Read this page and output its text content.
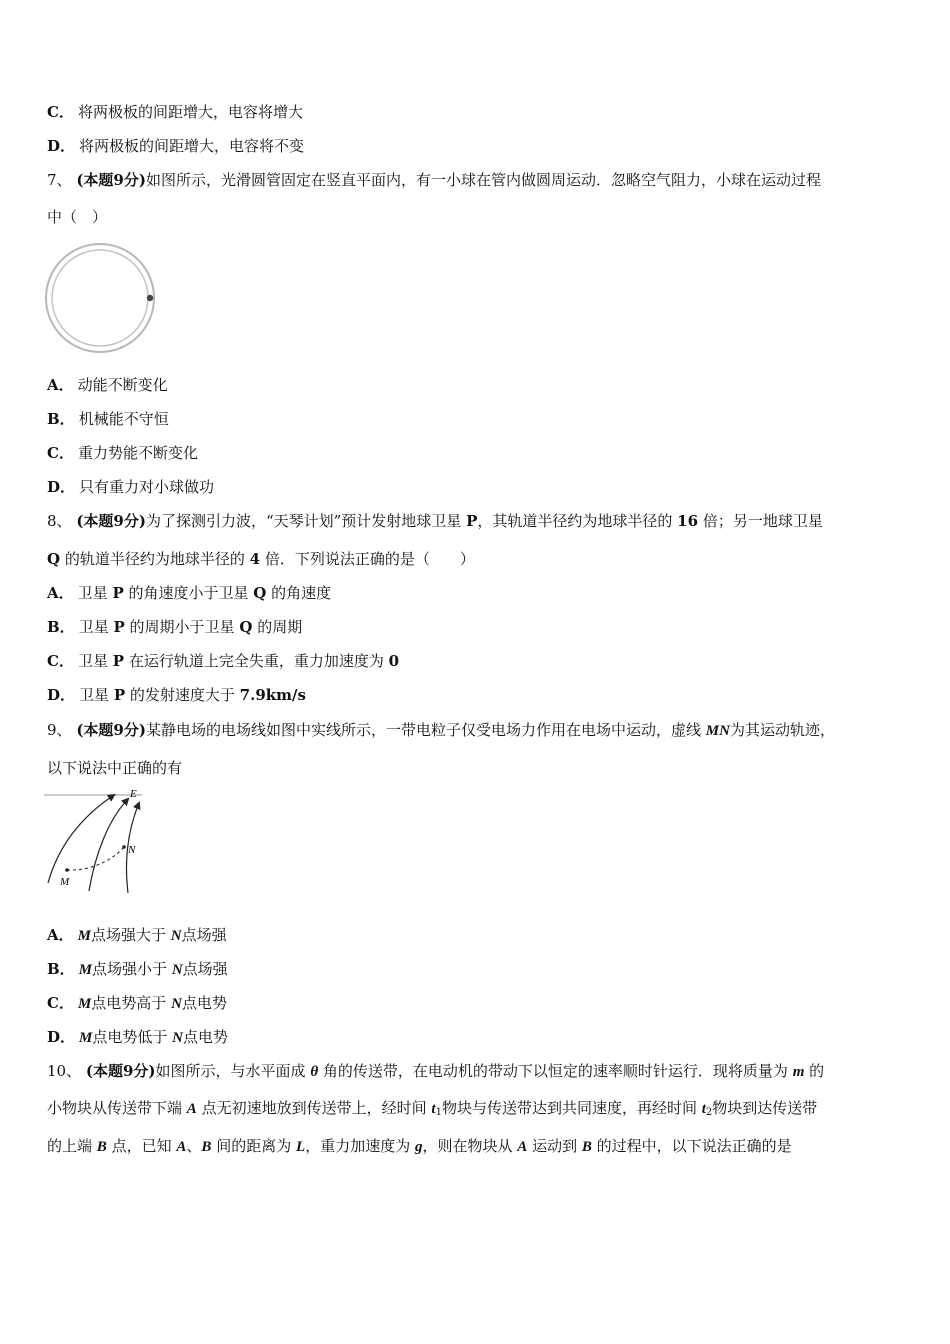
C． 将两极板的间距增大，电容将增大
D． 将两极板的间距增大，电容将不变
7、 (本题9分)如图所示，光滑圆管固定在竖直平面内，有一小球在管内做圆周运动．忽略空气阻力，小球在运动过程
中（　）
A． 动能不断变化
B． 机械能不守恒
C． 重力势能不断变化
D． 只有重力对小球做功
8、 (本题9分)为了探测引力波，“天琴计划”预计发射地球卫星 P，其轨道半径约为地球半径的 16 倍；另一地球卫星
Q 的轨道半径约为地球半径的 4 倍．下列说法正确的是（　　）
A． 卫星 P 的角速度小于卫星 Q 的角速度
B． 卫星 P 的周期小于卫星 Q 的周期
C． 卫星 P 在运行轨道上完全失重，重力加速度为 0
D． 卫星 P 的发射速度大于 7.9km/s
9、 (本题9分)某静电场的电场线如图中实线所示，一带电粒子仅受电场力作用在电场中运动，虚线 MN为其运动轨迹，
以下说法中正确的有
E
N
M
A． M点场强大于 N点场强
B． M点场强小于 N点场强
C． M点电势高于 N点电势
D． M点电势低于 N点电势
10、 (本题9分)如图所示，与水平面成 θ 角的传送带，在电动机的带动下以恒定的速率顺时针运行．现将质量为 m 的
小物块从传送带下端 A 点无初速地放到传送带上，经时间 $t_1$物块与传送带达到共同速度，再经时间 $t_2$物块到达传送带
的上端 B 点，已知 A、B 间的距离为 L，重力加速度为 g，则在物块从 A 运动到 B 的过程中，以下说法正确的是
